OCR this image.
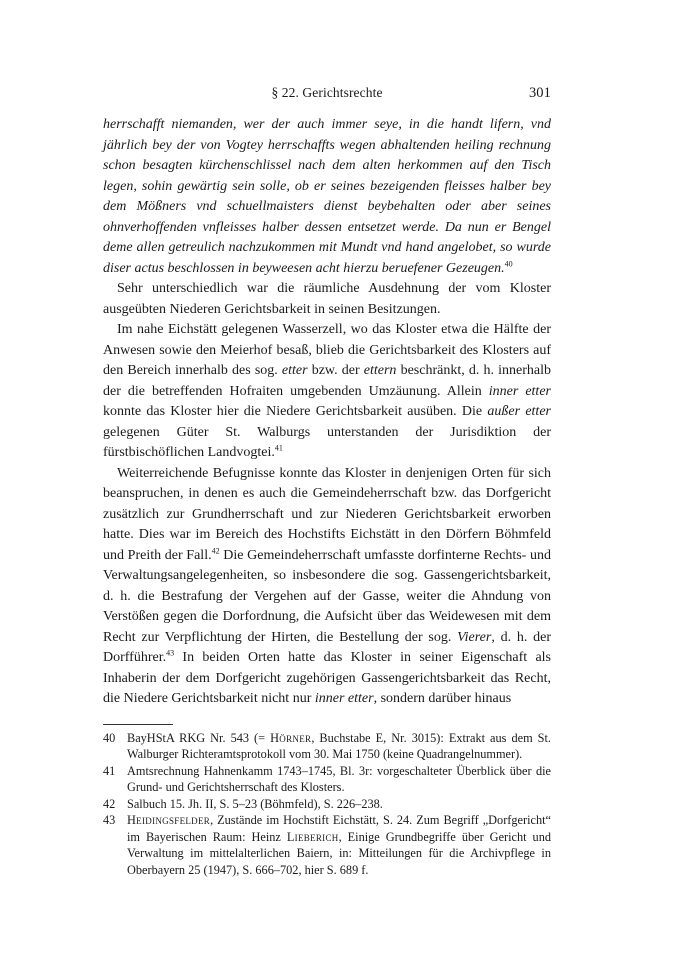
§ 22. Gerichtsrechte	301

herrschafft niemanden, wer der auch immer seye, in die handt lifern, vnd jährlich bey der von Vogtey herrschaffts wegen abhaltenden heiling rechnung schon besagten kürchenschlissel nach dem alten herkommen auf den Tisch legen, sohin gewärtig sein solle, ob er seines bezeigenden fleisses halber bey dem Mößners vnd schuellmaisters dienst beybehalten oder aber seines ohnverhoffenden vnfleisses halber dessen entsetzet werde. Da nun er Bengel deme allen getreulich nachzukommen mit Mundt vnd hand angelobet, so wurde diser actus beschlossen in beyweesen acht hierzu beruefener Gezeugen.$^{40}$

Sehr unterschiedlich war die räumliche Ausdehnung der vom Kloster ausgeübten Niederen Gerichtsbarkeit in seinen Besitzungen.

Im nahe Eichstätt gelegenen Wasserzell, wo das Kloster etwa die Hälfte der Anwesen sowie den Meierhof besaß, blieb die Gerichtsbarkeit des Klosters auf den Bereich innerhalb des sog. etter bzw. der ettern beschränkt, d. h. innerhalb der die betreffenden Hofraiten umgebenden Umzäunung. Allein inner etter konnte das Kloster hier die Niedere Gerichtsbarkeit ausüben. Die außer etter gelegenen Güter St. Walburgs unterstanden der Jurisdiktion der fürstbischöflichen Landvogtei.$^{41}$

Weiterreichende Befugnisse konnte das Kloster in denjenigen Orten für sich beanspruchen, in denen es auch die Gemeindeherrschaft bzw. das Dorfgericht zusätzlich zur Grundherrschaft und zur Niederen Gerichtsbarkeit erworben hatte. Dies war im Bereich des Hochstifts Eichstätt in den Dörfern Böhmfeld und Preith der Fall.$^{42}$ Die Gemeindeherrschaft umfasste dorfinterne Rechts- und Verwaltungsangelegenheiten, so insbesondere die sog. Gassengerichtsbarkeit, d. h. die Bestrafung der Vergehen auf der Gasse, weiter die Ahndung von Verstößen gegen die Dorfordnung, die Aufsicht über das Weidewesen mit dem Recht zur Verpflichtung der Hirten, die Bestellung der sog. Vierer, d. h. der Dorfführer.$^{43}$ In beiden Orten hatte das Kloster in seiner Eigenschaft als Inhaberin der dem Dorfgericht zugehörigen Gassengerichtsbarkeit das Recht, die Niedere Gerichtsbarkeit nicht nur inner etter, sondern darüber hinaus

40 BayHStA RKG Nr. 543 (= Hörner, Buchstabe E, Nr. 3015): Extrakt aus dem St. Walburger Richteramtsprotokoll vom 30. Mai 1750 (keine Quadrangelnummer).
41 Amtsrechnung Hahnenkamm 1743–1745, Bl. 3r: vorgeschalteter Überblick über die Grund- und Gerichtsherrschaft des Klosters.
42 Salbuch 15. Jh. II, S. 5–23 (Böhmfeld), S. 226–238.
43 Heidingsfelder, Zustände im Hochstift Eichstätt, S. 24. Zum Begriff „Dorfgericht“ im Bayerischen Raum: Heinz Lieberich, Einige Grundbegriffe über Gericht und Verwaltung im mittelalterlichen Baiern, in: Mitteilungen für die Archivpflege in Oberbayern 25 (1947), S. 666–702, hier S. 689 f.
